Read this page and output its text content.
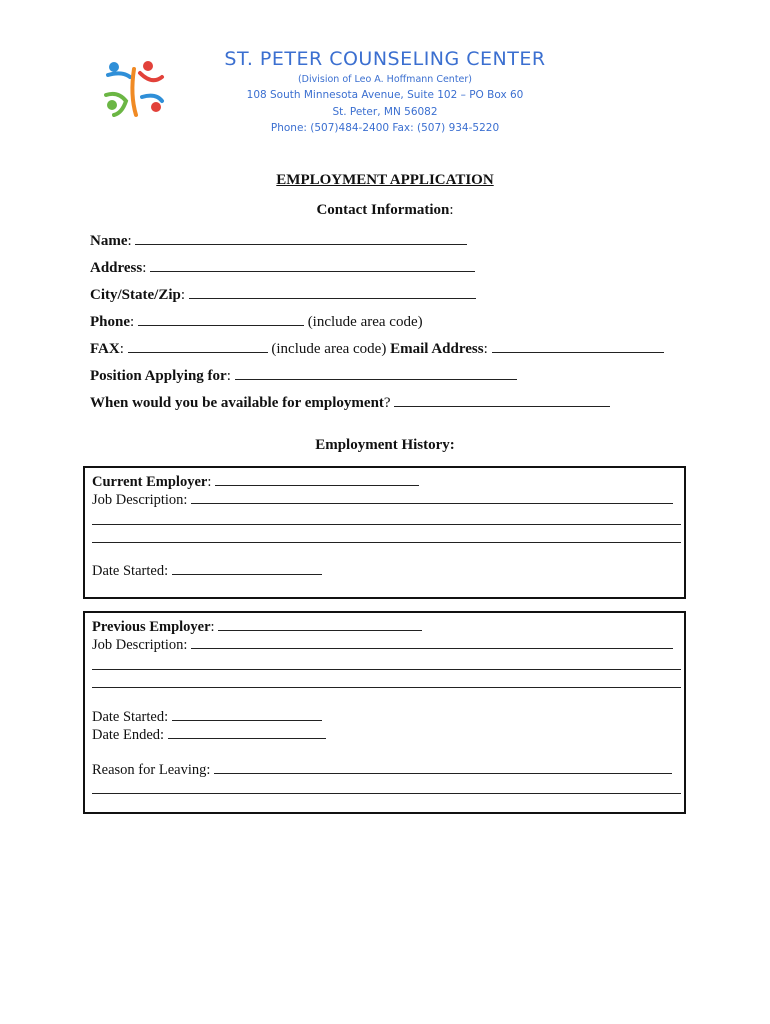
ST. PETER COUNSELING CENTER
(Division of Leo A. Hoffmann Center)
108 South Minnesota Avenue, Suite 102 – PO Box 60
St. Peter, MN 56082
Phone: (507)484-2400 Fax: (507) 934-5220
EMPLOYMENT APPLICATION
Contact Information:
Name:
Address:
City/State/Zip:
Phone:	(include area code)
FAX:	(include area code) Email Address:
Position Applying for:
When would you be available for employment?
Employment History:
Current Employer:
Job Description:
Date Started:
Previous Employer:
Job Description:
Date Started:
Date Ended:
Reason for Leaving:
